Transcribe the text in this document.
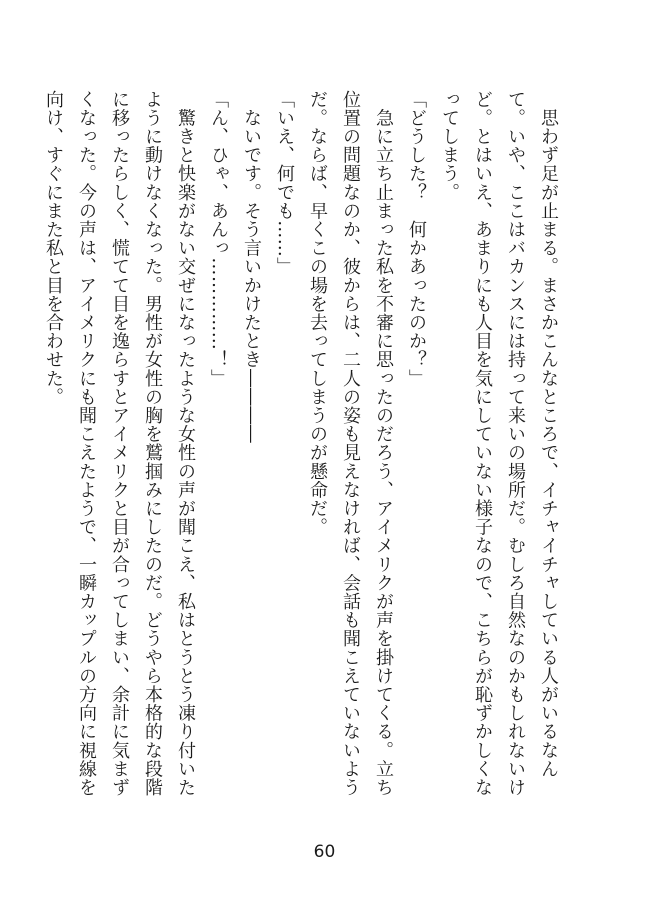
　思わず足が止まる。まさかこんなところで、イチャイチャしている人がいるなん
て。いや、ここはバカンスには持って来いの場所だ。むしろ自然なのかもしれないけ
ど。とはいえ、あまりにも人目を気にしていない様子なので、こちらが恥ずかしくな
ってしまう。
「どうした？　何かあったのか？」
　急に立ち止まった私を不審に思ったのだろう、アイメリクが声を掛けてくる。立ち
位置の問題なのか、彼からは、二人の姿も見えなければ、会話も聞こえていないよう
だ。ならば、早くこの場を去ってしまうのが懸命だ。
「いえ、何でも……」
　ないです。そう言いかけたとき――――
「ん、ひゃ、あんっ……………！」
　驚きと快楽がない交ぜになったような女性の声が聞こえ、私はとうとう凍り付いた
ように動けなくなった。男性が女性の胸を鷲掴みにしたのだ。どうやら本格的な段階
に移ったらしく、慌てて目を逸らすとアイメリクと目が合ってしまい、余計に気まず
くなった。今の声は、アイメリクにも聞こえたようで、一瞬カップルの方向に視線を
向け、すぐにまた私と目を合わせた。
60
